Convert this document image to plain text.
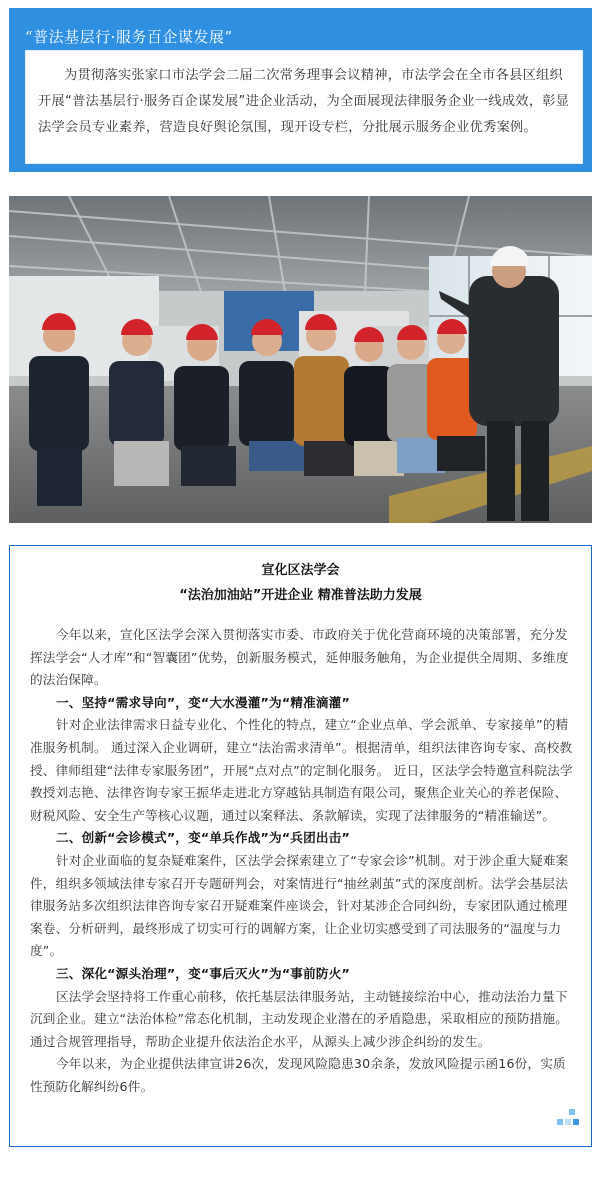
“普法基层行·服务百企谋发展”
为贯彻落实张家口市法学会二届二次常务理事会议精神，市法学会在全市各县区组织开展“普法基层行·服务百企谋发展”进企业活动，为全面展现法律服务企业一线成效，彰显法学会员专业素养，营造良好舆论氛围，现开设专栏，分批展示服务企业优秀案例。
宣化区法学会
“法治加油站”开进企业 精准普法助力发展

今年以来，宣化区法学会深入贯彻落实市委、市政府关于优化营商环境的决策部署，充分发挥法学会“人才库”和“智囊团”优势，创新服务模式，延伸服务触角，为企业提供全周期、多维度的法治保障。

一、坚持“需求导向”，变“大水漫灌”为“精准滴灌”

针对企业法律需求日益专业化、个性化的特点，建立“企业点单、学会派单、专家接单”的精准服务机制。 通过深入企业调研，建立“法治需求清单”。根据清单，组织法律咨询专家、高校教授、律师组建“法律专家服务团”，开展“点对点”的定制化服务。 近日，区法学会特邀宣科院法学教授刘志艳、法律咨询专家王振华走进北方穿越钻具制造有限公司，聚焦企业关心的养老保险、财税风险、安全生产等核心议题，通过以案释法、条款解读，实现了法律服务的“精准输送”。

二、创新“会诊模式”，变“单兵作战”为“兵团出击”

针对企业面临的复杂疑难案件，区法学会探索建立了“专家会诊”机制。对于涉企重大疑难案件，组织多领域法律专家召开专题研判会，对案情进行“抽丝剥茧”式的深度剖析。法学会基层法律服务站多次组织法律咨询专家召开疑难案件座谈会，针对某涉企合同纠纷，专家团队通过梳理案卷、分析研判，最终形成了切实可行的调解方案，让企业切实感受到了司法服务的“温度与力度”。

三、深化“源头治理”，变“事后灭火”为“事前防火”

区法学会坚持将工作重心前移，依托基层法律服务站，主动链接综治中心，推动法治力量下沉到企业。建立“法治体检”常态化机制，主动发现企业潜在的矛盾隐患，采取相应的预防措施。通过合规管理指导，帮助企业提升依法治企水平，从源头上减少涉企纠纷的发生。

今年以来，为企业提供法律宣讲26次，发现风险隐患30余条，发放风险提示函16份，实质性预防化解纠纷6件。
